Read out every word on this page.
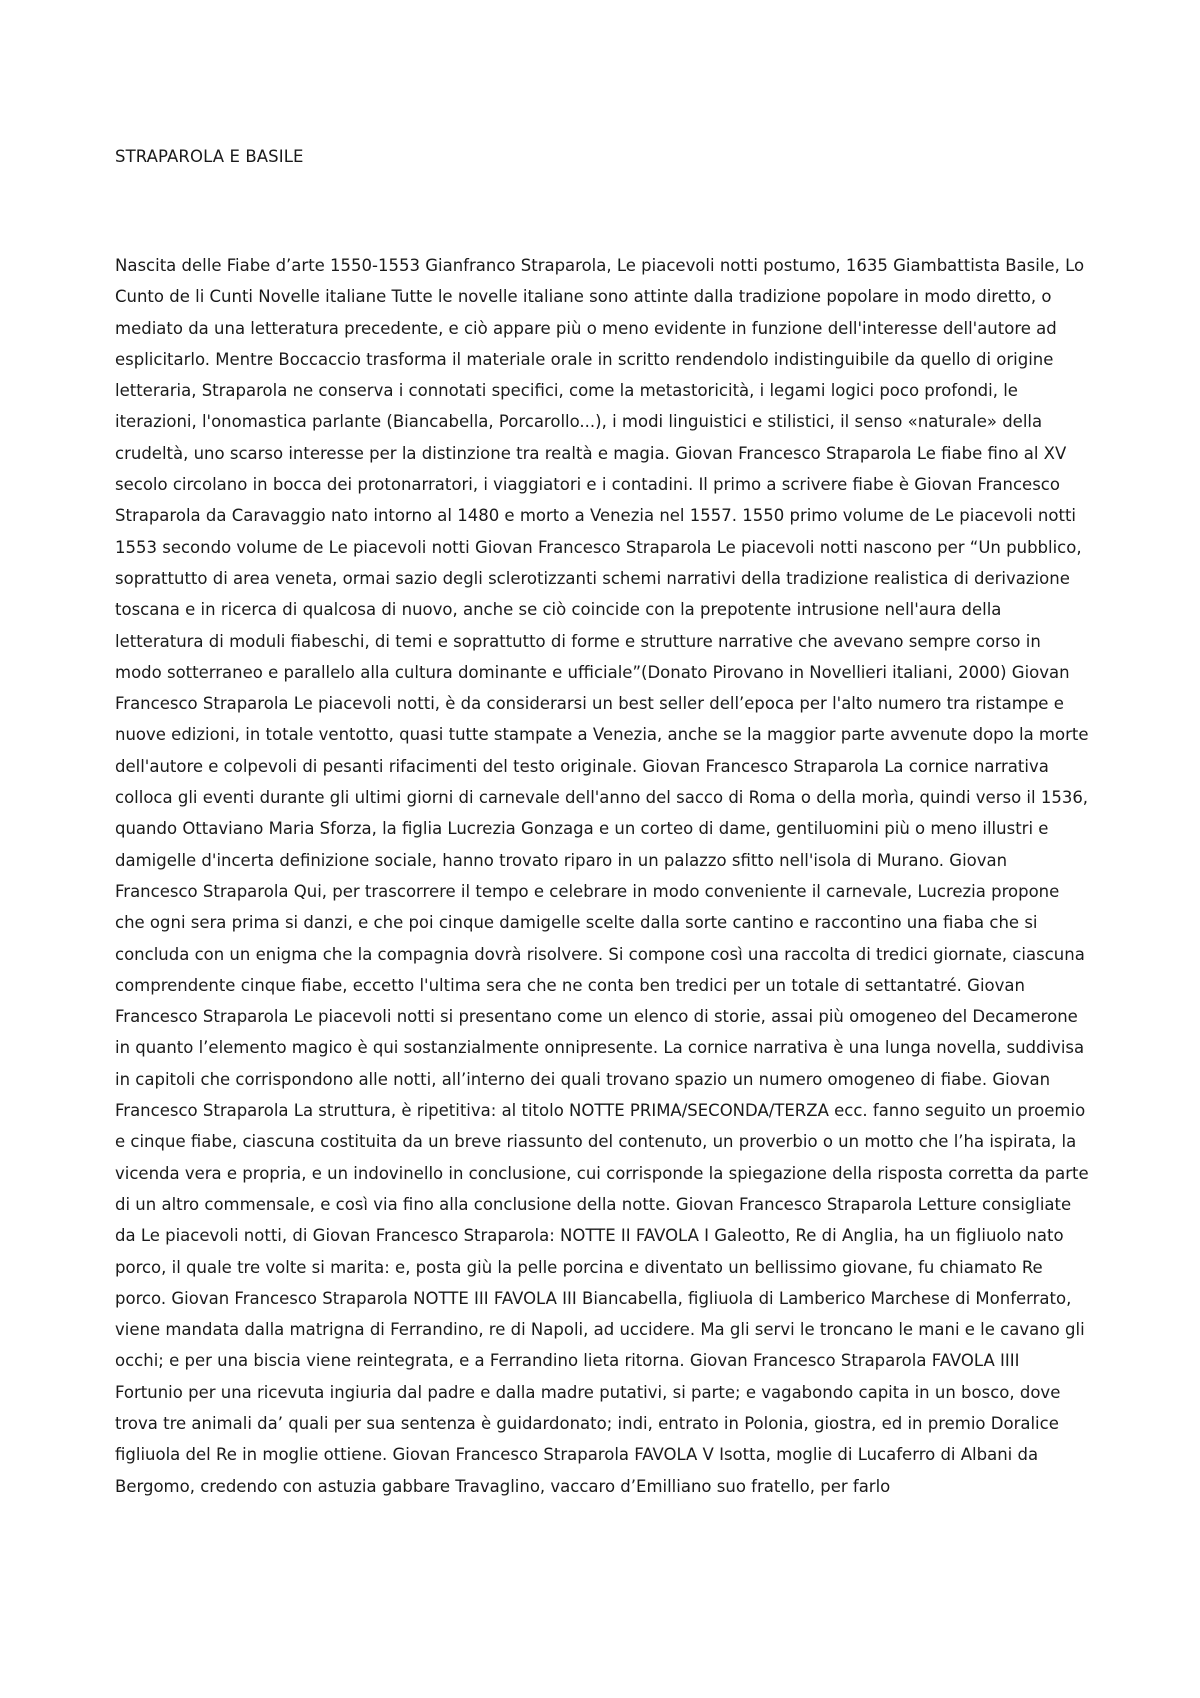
STRAPAROLA E BASILE

Nascita delle Fiabe d’arte 1550-1553 Gianfranco Straparola, Le piacevoli notti postumo, 1635 Giambattista Basile, Lo Cunto de li Cunti Novelle italiane Tutte le novelle italiane sono attinte dalla tradizione popolare in modo diretto, o mediato da una letteratura precedente, e ciò appare più o meno evidente in funzione dell'interesse dell'autore ad esplicitarlo. Mentre Boccaccio trasforma il materiale orale in scritto rendendolo indistinguibile da quello di origine letteraria, Straparola ne conserva i connotati specifici, come la metastoricità, i legami logici poco profondi, le iterazioni, l'onomastica parlante (Biancabella, Porcarollo...), i modi linguistici e stilistici, il senso «naturale» della crudeltà, uno scarso interesse per la distinzione tra realtà e magia. Giovan Francesco Straparola Le fiabe fino al XV secolo circolano in bocca dei protonarratori, i viaggiatori e i contadini. Il primo a scrivere fiabe è Giovan Francesco Straparola da Caravaggio nato intorno al 1480 e morto a Venezia nel 1557. 1550 primo volume de Le piacevoli notti 1553 secondo volume de Le piacevoli notti Giovan Francesco Straparola Le piacevoli notti nascono per “Un pubblico, soprattutto di area veneta, ormai sazio degli sclerotizzanti schemi narrativi della tradizione realistica di derivazione toscana e in ricerca di qualcosa di nuovo, anche se ciò coincide con la prepotente intrusione nell'aura della letteratura di moduli fiabeschi, di temi e soprattutto di forme e strutture narrative che avevano sempre corso in modo sotterraneo e parallelo alla cultura dominante e ufficiale”(Donato Pirovano in Novellieri italiani, 2000) Giovan Francesco Straparola Le piacevoli notti, è da considerarsi un best seller dell’epoca per l'alto numero tra ristampe e nuove edizioni, in totale ventotto, quasi tutte stampate a Venezia, anche se la maggior parte avvenute dopo la morte dell'autore e colpevoli di pesanti rifacimenti del testo originale. Giovan Francesco Straparola La cornice narrativa colloca gli eventi durante gli ultimi giorni di carnevale dell'anno del sacco di Roma o della morìa, quindi verso il 1536, quando Ottaviano Maria Sforza, la figlia Lucrezia Gonzaga e un corteo di dame, gentiluomini più o meno illustri e damigelle d'incerta definizione sociale, hanno trovato riparo in un palazzo sfitto nell'isola di Murano. Giovan Francesco Straparola Qui, per trascorrere il tempo e celebrare in modo conveniente il carnevale, Lucrezia propone che ogni sera prima si danzi, e che poi cinque damigelle scelte dalla sorte cantino e raccontino una fiaba che si concluda con un enigma che la compagnia dovrà risolvere. Si compone così una raccolta di tredici giornate, ciascuna comprendente cinque fiabe, eccetto l'ultima sera che ne conta ben tredici per un totale di settantatré. Giovan Francesco Straparola Le piacevoli notti si presentano come un elenco di storie, assai più omogeneo del Decamerone in quanto l’elemento magico è qui sostanzialmente onnipresente. La cornice narrativa è una lunga novella, suddivisa in capitoli che corrispondono alle notti, all’interno dei quali trovano spazio un numero omogeneo di fiabe. Giovan Francesco Straparola La struttura, è ripetitiva: al titolo NOTTE PRIMA/SECONDA/TERZA ecc. fanno seguito un proemio e cinque fiabe, ciascuna costituita da un breve riassunto del contenuto, un proverbio o un motto che l’ha ispirata, la vicenda vera e propria, e un indovinello in conclusione, cui corrisponde la spiegazione della risposta corretta da parte di un altro commensale, e così via fino alla conclusione della notte. Giovan Francesco Straparola Letture consigliate da Le piacevoli notti, di Giovan Francesco Straparola: NOTTE II FAVOLA I Galeotto, Re di Anglia, ha un figliuolo nato porco, il quale tre volte si marita: e, posta giù la pelle porcina e diventato un bellissimo giovane, fu chiamato Re porco. Giovan Francesco Straparola NOTTE III FAVOLA III Biancabella, figliuola di Lamberico Marchese di Monferrato, viene mandata dalla matrigna di Ferrandino, re di Napoli, ad uccidere. Ma gli servi le troncano le mani e le cavano gli occhi; e per una biscia viene reintegrata, e a Ferrandino lieta ritorna. Giovan Francesco Straparola FAVOLA IIII Fortunio per una ricevuta ingiuria dal padre e dalla madre putativi, si parte; e vagabondo capita in un bosco, dove trova tre animali da’ quali per sua sentenza è guidardonato; indi, entrato in Polonia, giostra, ed in premio Doralice figliuola del Re in moglie ottiene. Giovan Francesco Straparola FAVOLA V Isotta, moglie di Lucaferro di Albani da Bergomo, credendo con astuzia gabbare Travaglino, vaccaro d’Emilliano suo fratello, per farlo
